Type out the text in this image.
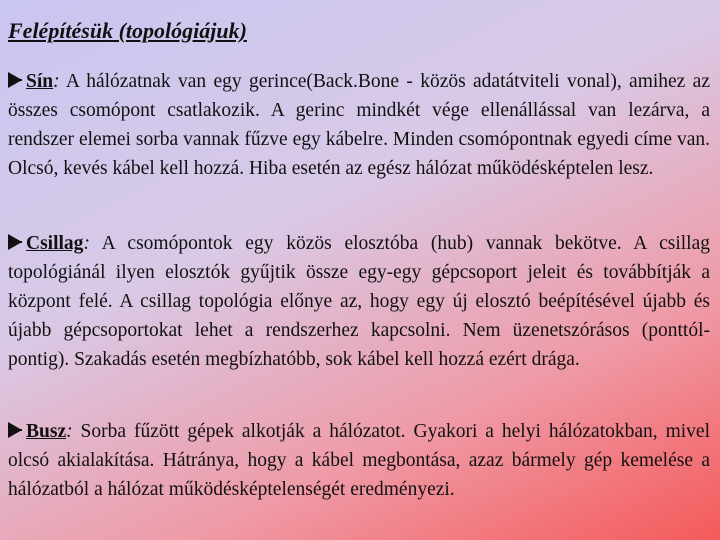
Felépítésük (topológiájuk)
Sín: A hálózatnak van egy gerince(Back.Bone - közös adatátviteli vonal), amihez az összes csomópont csatlakozik. A gerinc mindkét vége ellenállással van lezárva, a rendszer elemei sorba vannak fűzve egy kábelre. Minden csomópontnak egyedi címe van. Olcsó, kevés kábel kell hozzá. Hiba esetén az egész hálózat működésképtelen lesz.
Csillag: A csomópontok egy közös elosztóba (hub) vannak bekötve. A csillag topológiánál ilyen elosztók gyűjtik össze egy-egy gépcsoport jeleit és továbbítják a központ felé. A csillag topológia előnye az, hogy egy új elosztó beépítésével újabb és újabb gépcsoportokat lehet a rendszerhez kapcsolni. Nem üzenetszórásos (ponttól-pontig). Szakadás esetén megbízhatóbb, sok kábel kell hozzá ezért drága.
Busz: Sorba fűzött gépek alkotják a hálózatot. Gyakori a helyi hálózatokban, mivel olcsó akialakítása. Hátránya, hogy a kábel megbontása, azaz bármely gép kemelése a hálózatból a hálózat működésképtelenségét eredményezi.
